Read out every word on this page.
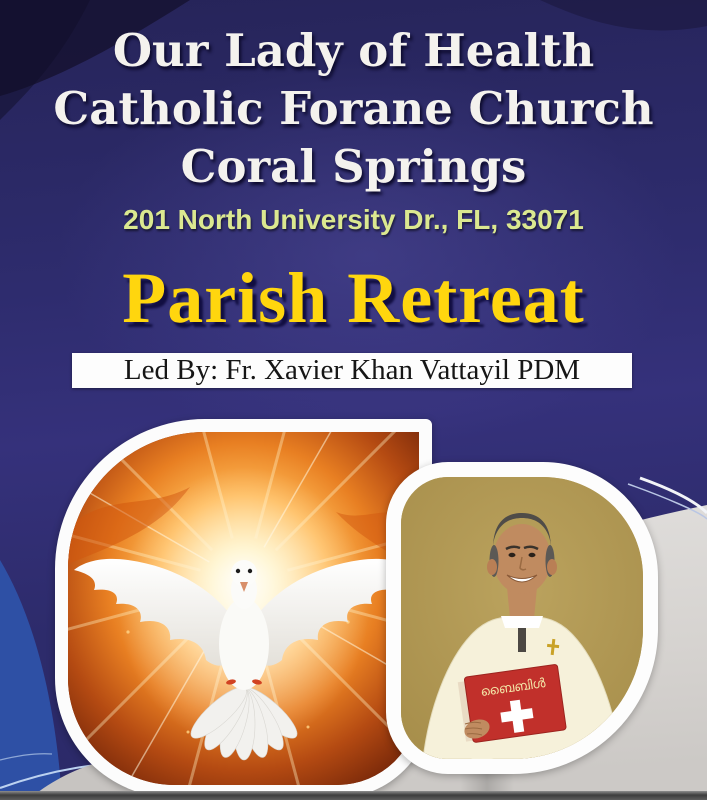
Our Lady of Health
Catholic Forane Church
Coral Springs
201 North University Dr., FL, 33071
Parish Retreat
Led By: Fr. Xavier Khan Vattayil PDM
ബൈബിൾ
